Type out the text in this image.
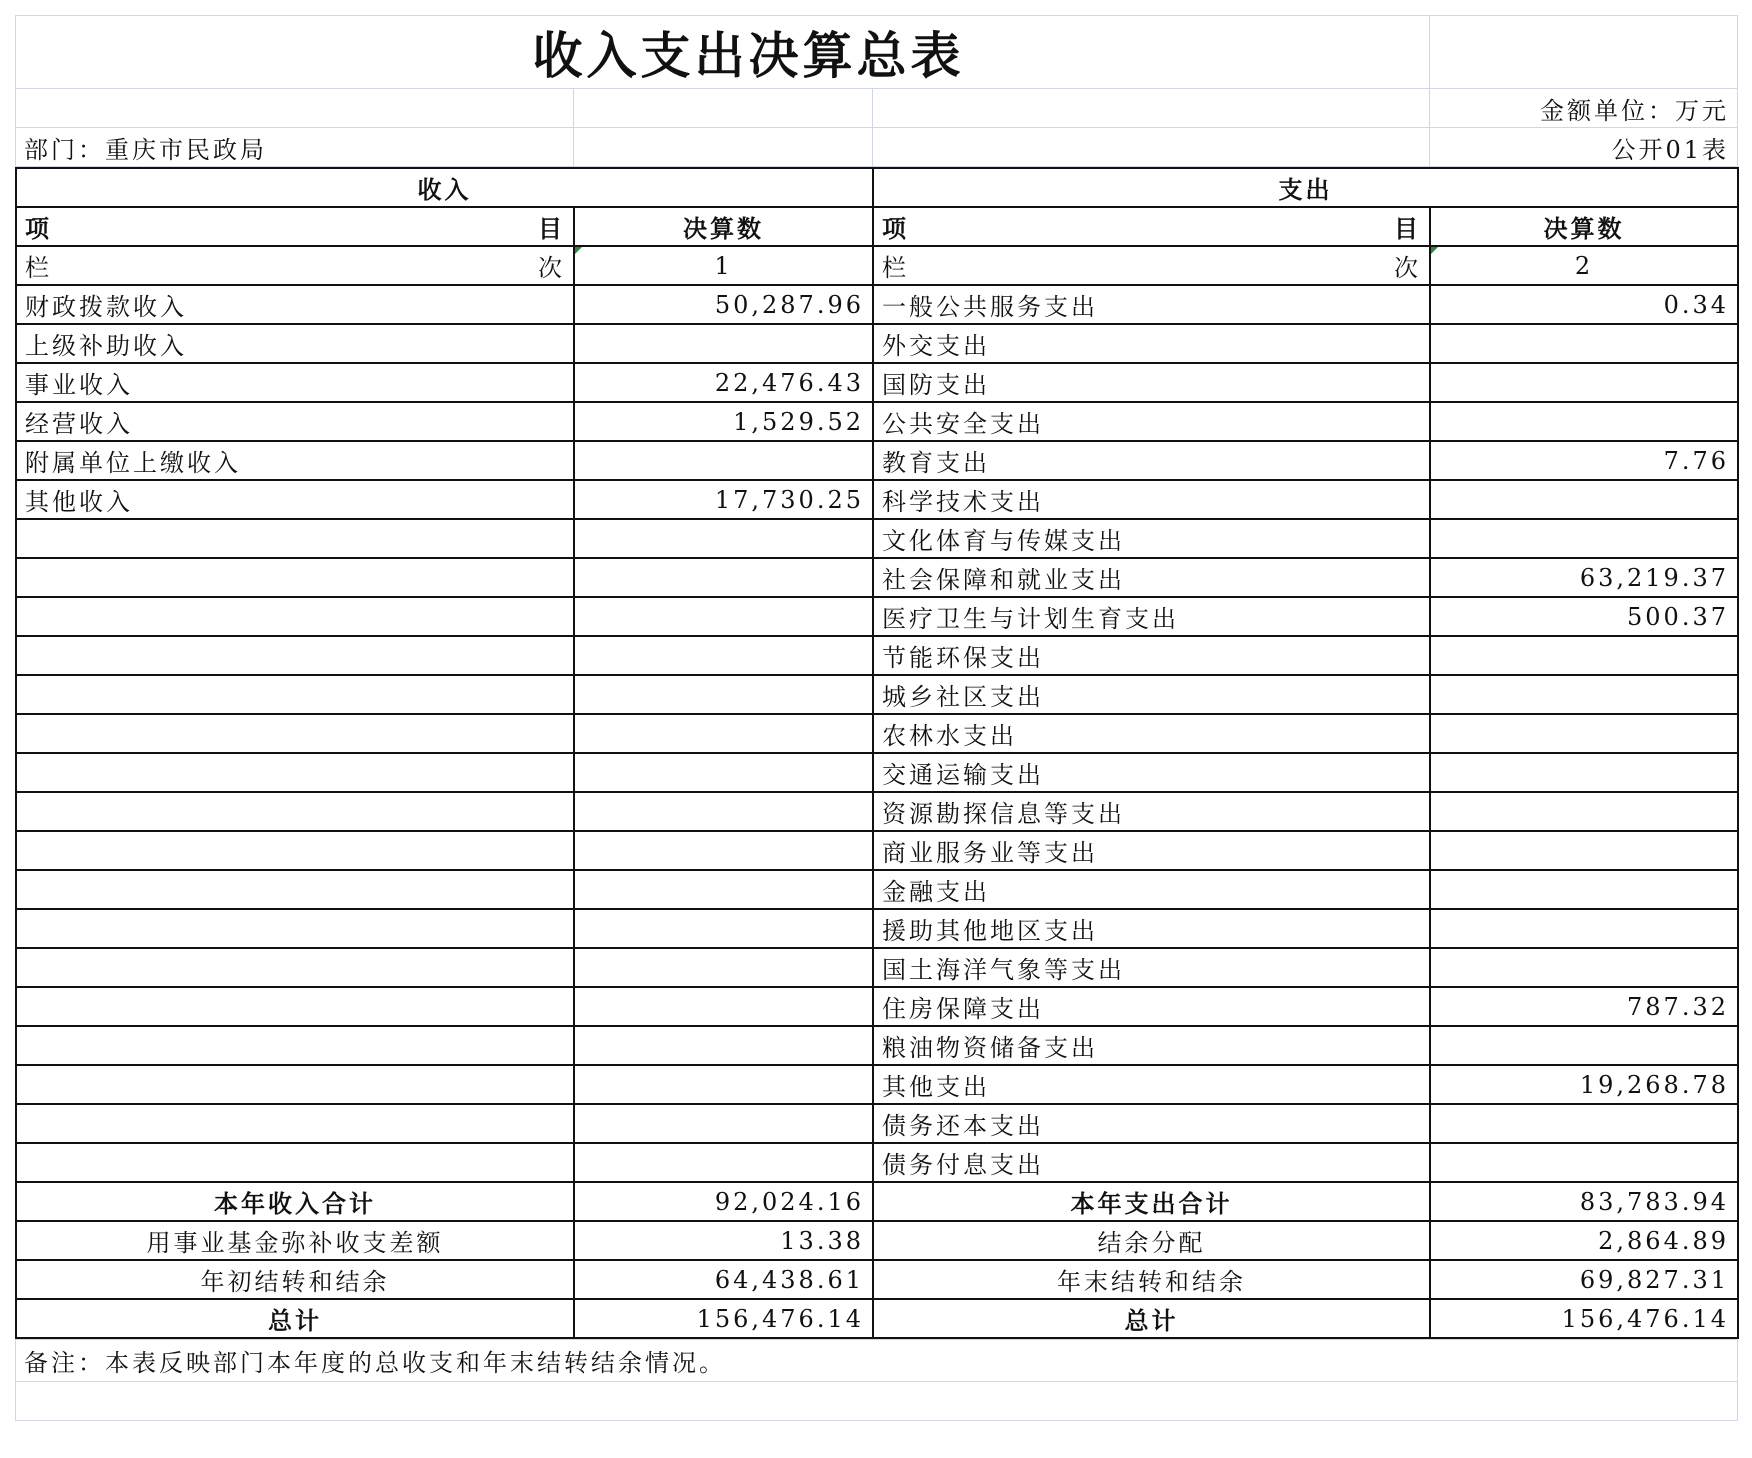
收入支出决算总表			
			金额单位：万元
部门：重庆市民政局			公开01表
收入		支出	

项 目	决算数	项 目	决算数

栏 次	1	栏 次	2
财政拨款收入	50,287.96	一般公共服务支出	0.34
上级补助收入		外交支出	
事业收入	22,476.43	国防支出	
经营收入	1,529.52	公共安全支出	
附属单位上缴收入		教育支出	7.76
其他收入	17,730.25	科学技术支出	
		文化体育与传媒支出	
		社会保障和就业支出	63,219.37
		医疗卫生与计划生育支出	500.37
		节能环保支出	
		城乡社区支出	
		农林水支出	
		交通运输支出	
		资源勘探信息等支出	
		商业服务业等支出	
		金融支出	
		援助其他地区支出	
		国土海洋气象等支出	
		住房保障支出	787.32
		粮油物资储备支出	
		其他支出	19,268.78
		债务还本支出	
		债务付息支出	
本年收入合计	92,024.16	本年支出合计	83,783.94
用事业基金弥补收支差额	13.38	结余分配	2,864.89
年初结转和结余	64,438.61	年末结转和结余	69,827.31
总计	156,476.14	总计	156,476.14
备注：本表反映部门本年度的总收支和年末结转结余情况。
